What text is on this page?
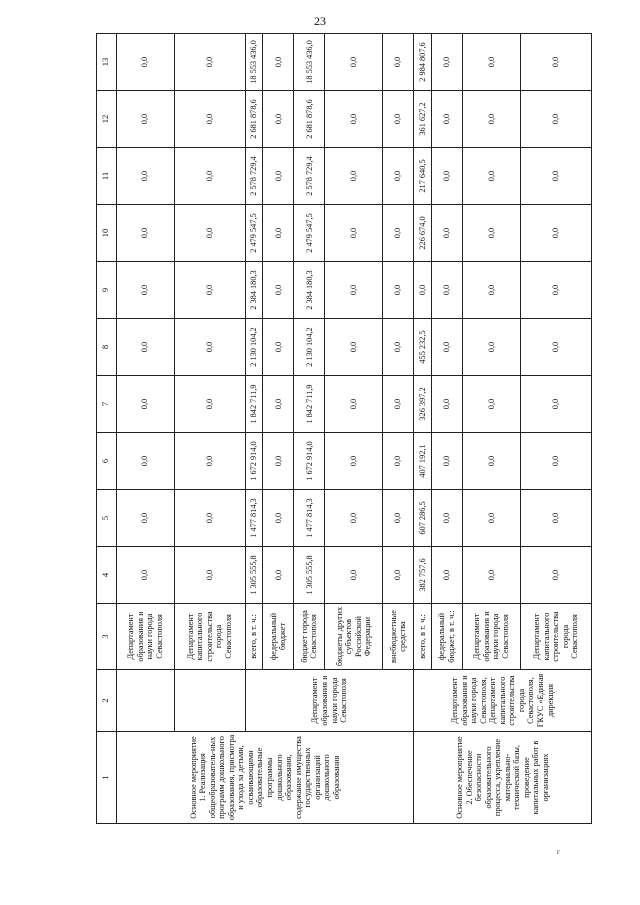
23
1	2	3	4	5	6	7	8	9	10	11	12	13
Основное мероприятие 1. Реализация общеобразователь-ных программ дошкольного образования, присмотра и ухода за детьми, осваивающими образовательные программы дошкольного образования, содержание имущества государственных организаций дошкольного образования		Департамент образования и науки города Севастополя	0,0	0,0	0,0	0,0	0,0	0,0	0,0	0,0	0,0	0,0
		Департамент капитального строительства города Севастополя	0,0	0,0	0,0	0,0	0,0	0,0	0,0	0,0	0,0	0,0
	Департамент образования и науки города Севастополя	всего, в т. ч.:	1 305 555,8	1 477 814,3	1 672 914,0	1 842 711,9	2 130 104,2	2 384 180,3	2 479 547,5	2 578 729,4	2 681 878,6	18 553 436,0
		федеральный бюджет	0,0	0,0	0,0	0,0	0,0	0,0	0,0	0,0	0,0	0,0
		бюджет города Севастополя	1 305 555,8	1 477 814,3	1 672 914,0	1 842 711,9	2 130 104,2	2 384 180,3	2 479 547,5	2 578 729,4	2 681 878,6	18 553 436,0
		бюджеты других субъектов Российской Федерации	0,0	0,0	0,0	0,0	0,0	0,0	0,0	0,0	0,0	0,0
		внебюджетные средства	0,0	0,0	0,0	0,0	0,0	0,0	0,0	0,0	0,0	0,0
Основное мероприятие 2. Обеспечение безопасности образовательного процесса, укрепление материально-технической базы, проведение капитальных работ в организациях	Департамент образования и науки города Севастополя, Департамент капитального строительства города Севастополя, ГКУС «Единая дирекция	всего, в т. ч.:	382 757,6	607 286,5	407 192,1	326 397,2	455 232,5	0,0	226 674,0	217 640,5	361 627,2	2 984 807,6
		федеральный бюджет, в т. ч.:	0,0	0,0	0,0	0,0	0,0	0,0	0,0	0,0	0,0	0,0
		Департамент образования и науки города Севастополя	0,0	0,0	0,0	0,0	0,0	0,0	0,0	0,0	0,0	0,0
		Департамент капитального строительства города Севастополя	0,0	0,0	0,0	0,0	0,0	0,0	0,0	0,0	0,0	0,0
г
